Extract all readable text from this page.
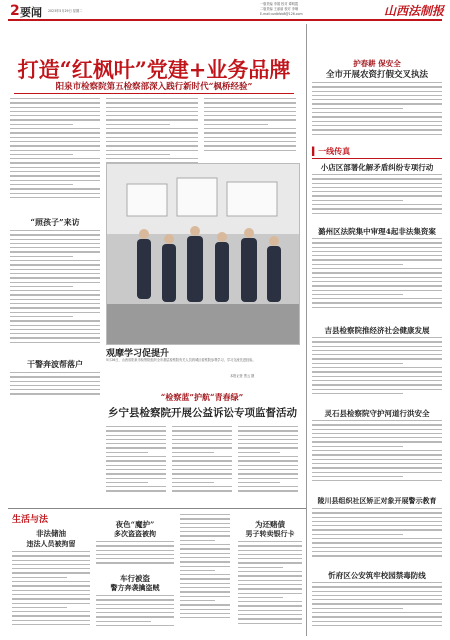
2 要闻 2023年5月29日 星期二
一版责编 李娟 校对 谭明霞
二版责编 王丽丽 校对 李琳
E-mail:xzdbfzb8@126.com	山西法制报
打造“红枫叶”党建+业务品牌
阳泉市检察院第五检察部深入践行新时代“枫桥经验”
“照孩子”来访
干警奔波帮落户
观摩学习促提升
5月26日，山西省阳泉市检察院组织全市基层检察院有关人员到城区检察院参观学习，学习交流先进经验。
本报记者 贾云 摄
“检察蓝”护航“青春绿”
乡宁县检察院开展公益诉讼专项监督活动
生活与法
非法储油
违法人员被拘留
夜色“魔护”
多次盗盗被拘
车行被盗
警方奔袭擒盗贼
为还赌债
男子转卖银行卡
护春耕 保安全
全市开展农资打假交叉执法
▍一线传真
小店区部署化解矛盾纠纷专项行动
潞州区法院集中审理4起非法集资案
吉县检察院推经济社会健康发展
灵石县检察院守护河道行洪安全
陵川县组织社区矫正对象开展警示教育
忻府区公安筑牢校园禁毒防线
